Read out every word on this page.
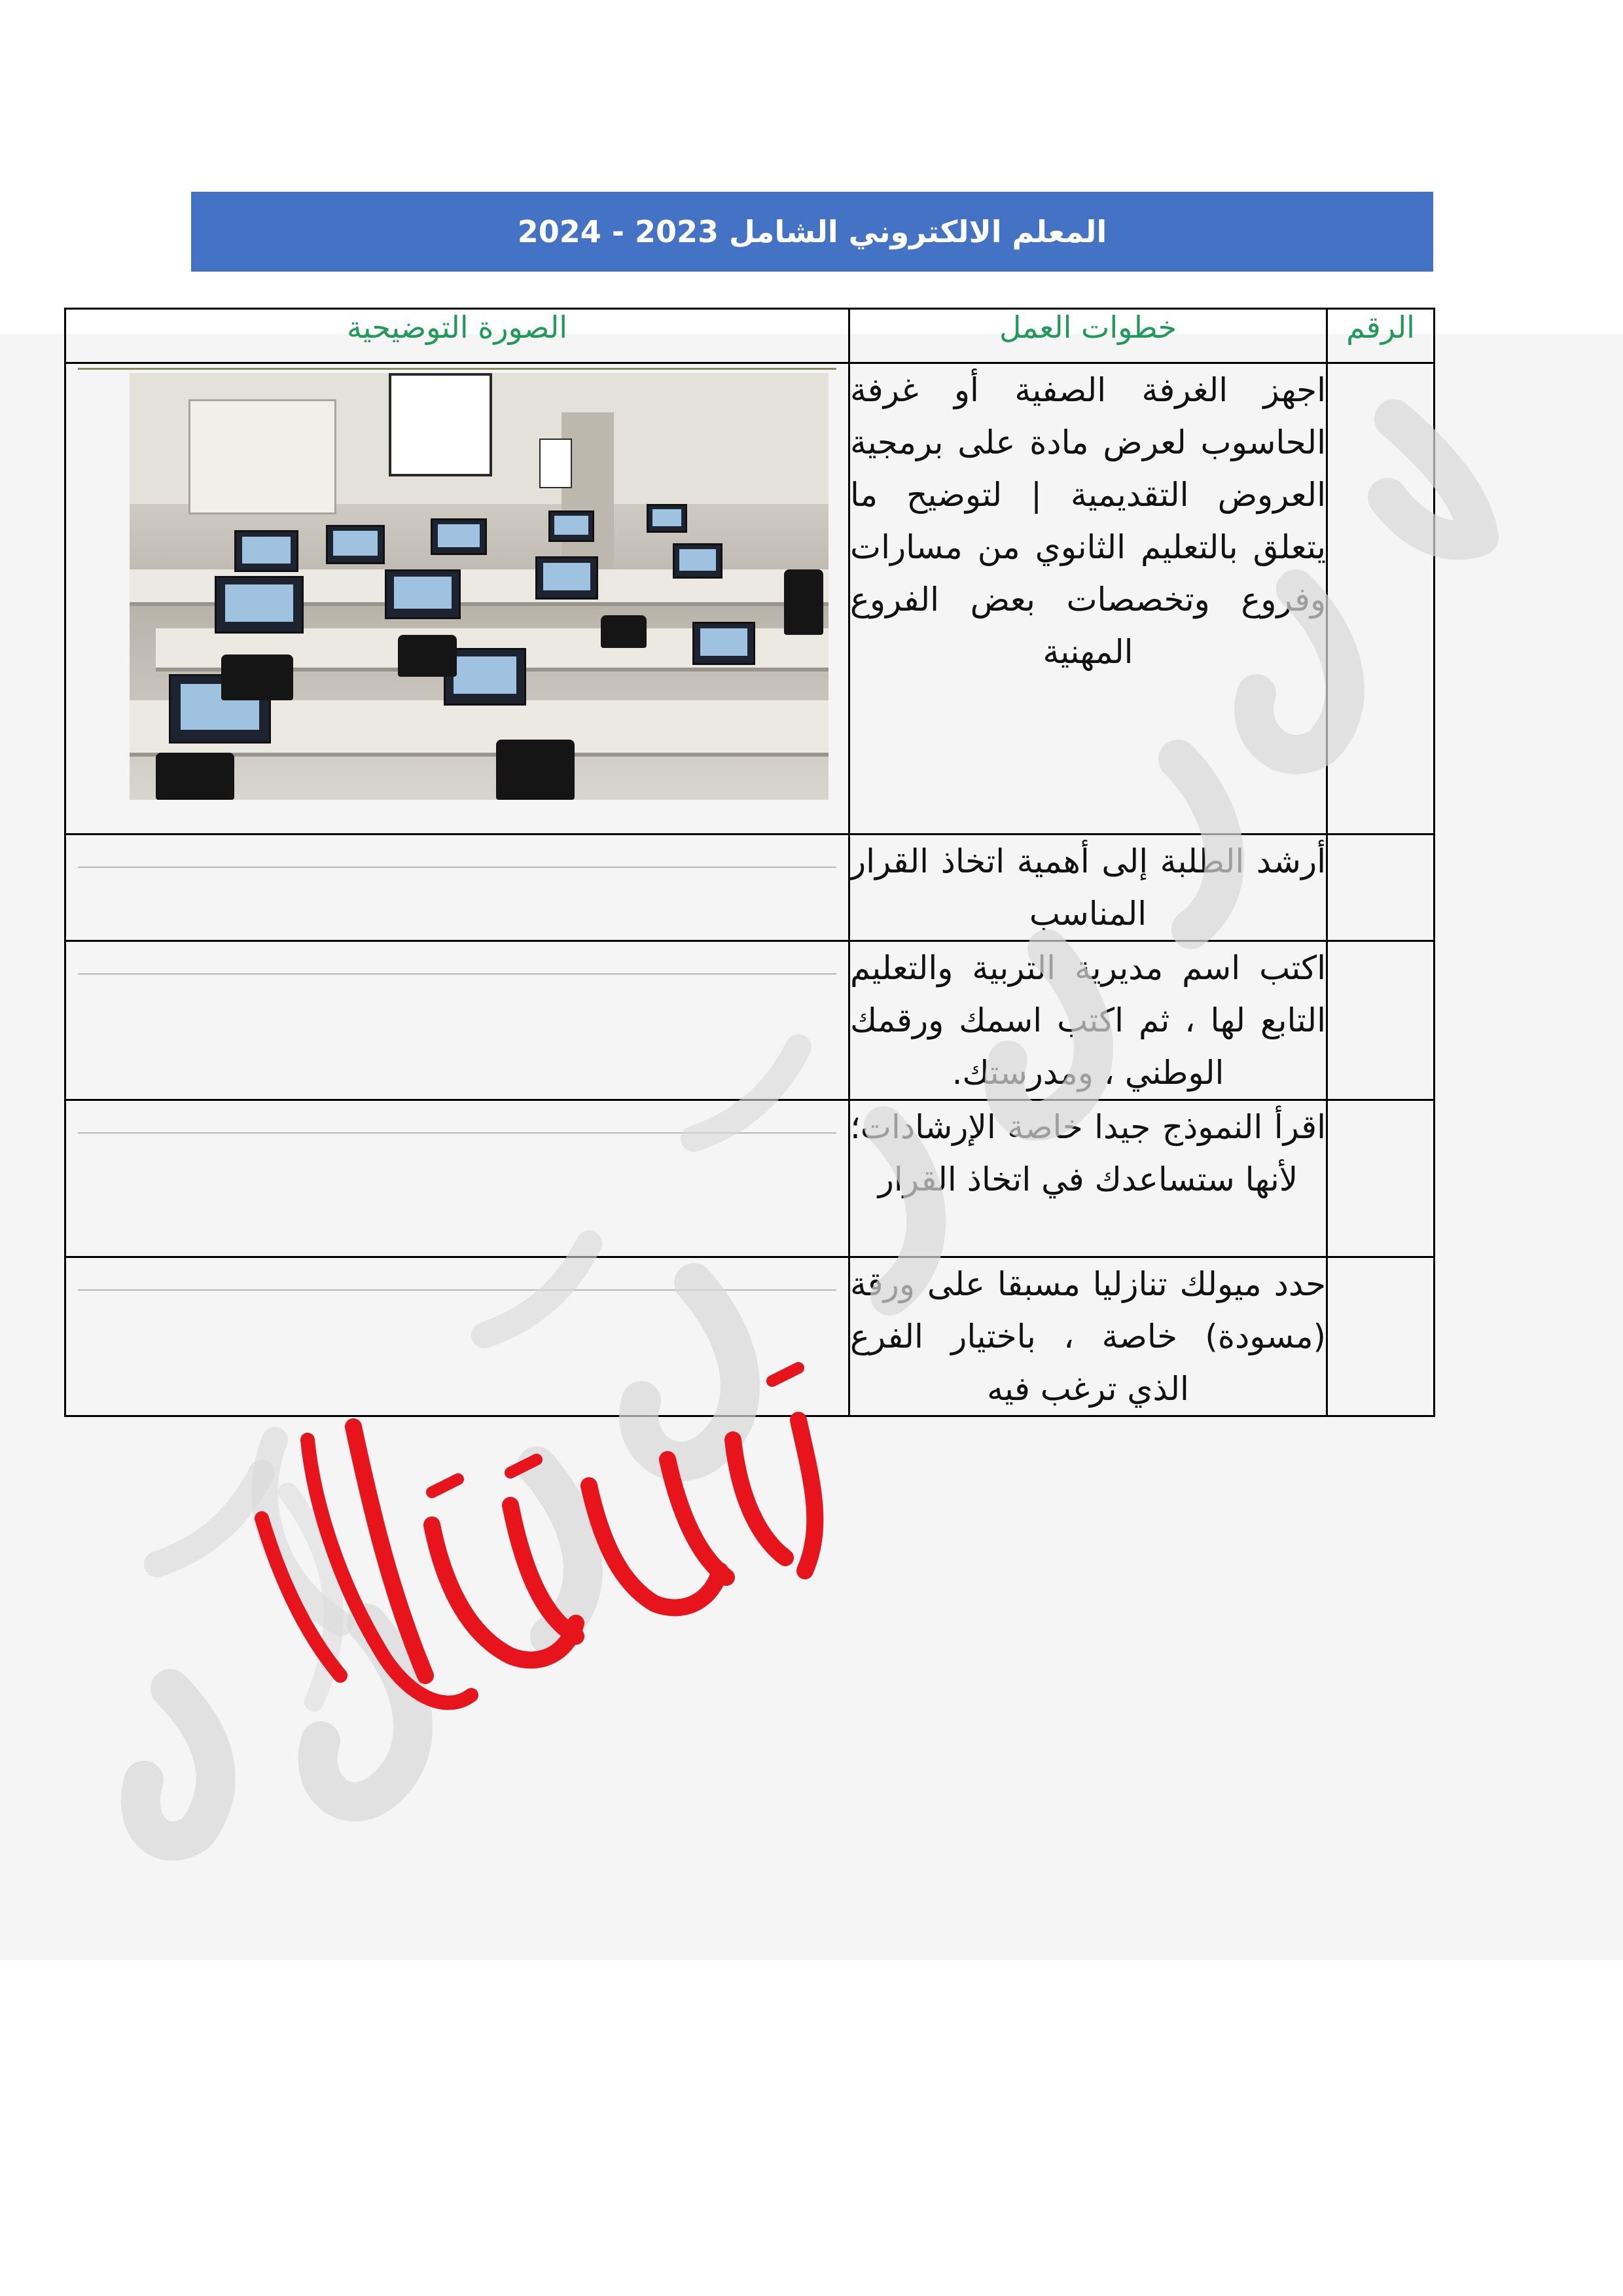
المعلم الالكتروني الشامل 2023 - 2024
الرقم	خطوات العمل	الصورة التوضيحية
	اجهز الغرفة الصفية أو غرفة الحاسوب لعرض مادة على برمجية العروض التقديمية | لتوضيح ما يتعلق بالتعليم الثانوي من مسارات وفروع وتخصصات بعض الفروع المهنية	

	أرشد الطلبة إلى أهمية اتخاذ القرار المناسب	

	اكتب اسم مديرية التربية والتعليم التابع لها ، ثم اكتب اسمك ورقمك الوطني ، ومدرستك.	

	اقرأ النموذج جيدا خاصة الإرشادات؛ لأنها ستساعدك في اتخاذ القرار	

	حدد ميولك تنازليا مسبقا على ورقة (مسودة) خاصة ، باختيار الفرع الذي ترغب فيه	
